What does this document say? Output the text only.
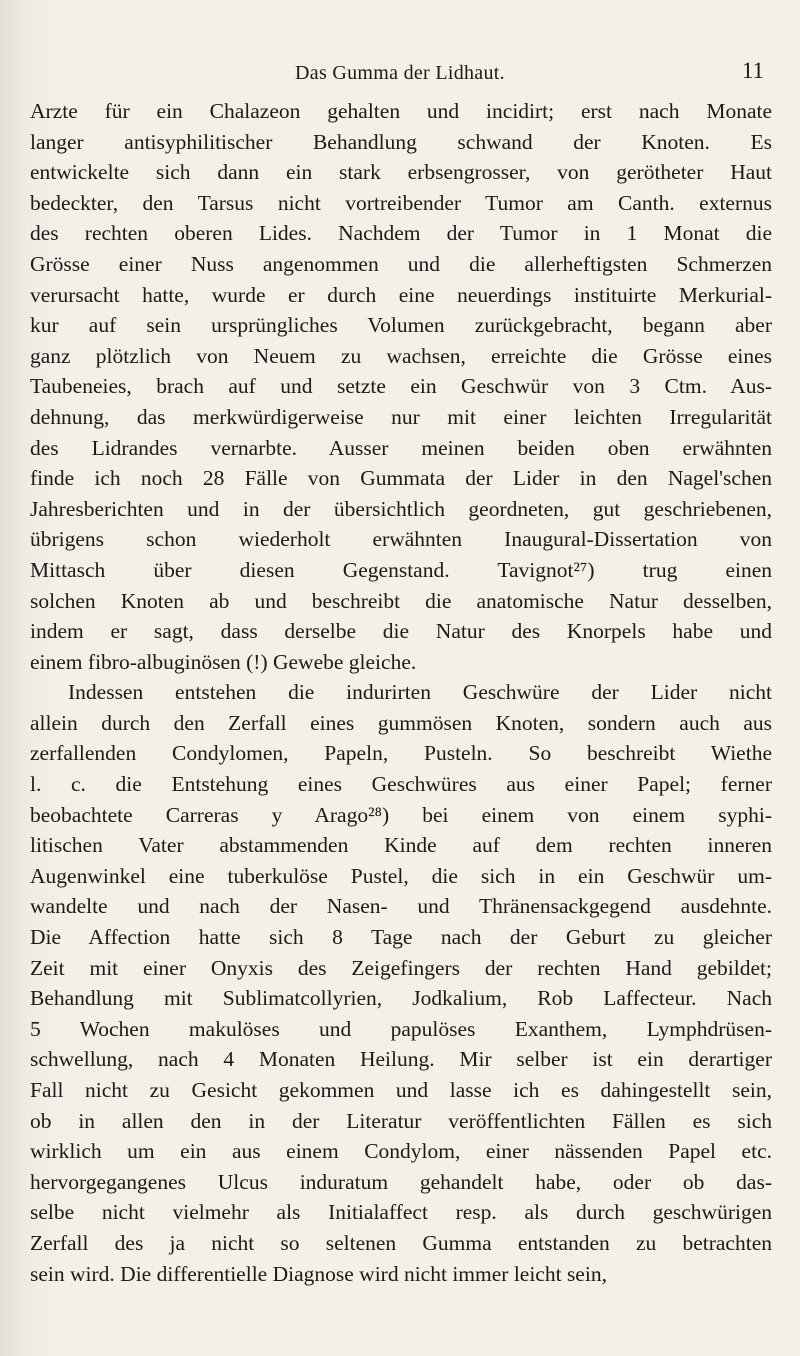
Das Gumma der Lidhaut.	11
Arzte für ein Chalazeon gehalten und incidirt; erst nach Monate
langer antisyphilitischer Behandlung schwand der Knoten. Es
entwickelte sich dann ein stark erbsengrosser, von gerötheter Haut
bedeckter, den Tarsus nicht vortreibender Tumor am Canth. externus
des rechten oberen Lides. Nachdem der Tumor in 1 Monat die
Grösse einer Nuss angenommen und die allerheftigsten Schmerzen
verursacht hatte, wurde er durch eine neuerdings instituirte Merkurial-
kur auf sein ursprüngliches Volumen zurückgebracht, begann aber
ganz plötzlich von Neuem zu wachsen, erreichte die Grösse eines
Taubeneies, brach auf und setzte ein Geschwür von 3 Ctm. Aus-
dehnung, das merkwürdigerweise nur mit einer leichten Irregularität
des Lidrandes vernarbte. Ausser meinen beiden oben erwähnten
finde ich noch 28 Fälle von Gummata der Lider in den Nagel'schen
Jahresberichten und in der übersichtlich geordneten, gut geschriebenen,
übrigens schon wiederholt erwähnten Inaugural-Dissertation von
Mittasch über diesen Gegenstand. Tavignot²⁷) trug einen
solchen Knoten ab und beschreibt die anatomische Natur desselben,
indem er sagt, dass derselbe die Natur des Knorpels habe und
einem fibro-albuginösen (!) Gewebe gleiche.
Indessen entstehen die indurirten Geschwüre der Lider nicht
allein durch den Zerfall eines gummösen Knoten, sondern auch aus
zerfallenden Condylomen, Papeln, Pusteln. So beschreibt Wiethe
l. c. die Entstehung eines Geschwüres aus einer Papel; ferner
beobachtete Carreras y Arago²⁸) bei einem von einem syphi-
litischen Vater abstammenden Kinde auf dem rechten inneren
Augenwinkel eine tuberkulöse Pustel, die sich in ein Geschwür um-
wandelte und nach der Nasen- und Thränensackgegend ausdehnte.
Die Affection hatte sich 8 Tage nach der Geburt zu gleicher
Zeit mit einer Onyxis des Zeigefingers der rechten Hand gebildet;
Behandlung mit Sublimatcollyrien, Jodkalium, Rob Laffecteur. Nach
5 Wochen makulöses und papulöses Exanthem, Lymphdrüsen-
schwellung, nach 4 Monaten Heilung. Mir selber ist ein derartiger
Fall nicht zu Gesicht gekommen und lasse ich es dahingestellt sein,
ob in allen den in der Literatur veröffentlichten Fällen es sich
wirklich um ein aus einem Condylom, einer nässenden Papel etc.
hervorgegangenes Ulcus induratum gehandelt habe, oder ob das-
selbe nicht vielmehr als Initialaffect resp. als durch geschwürigen
Zerfall des ja nicht so seltenen Gumma entstanden zu betrachten
sein wird. Die differentielle Diagnose wird nicht immer leicht sein,
